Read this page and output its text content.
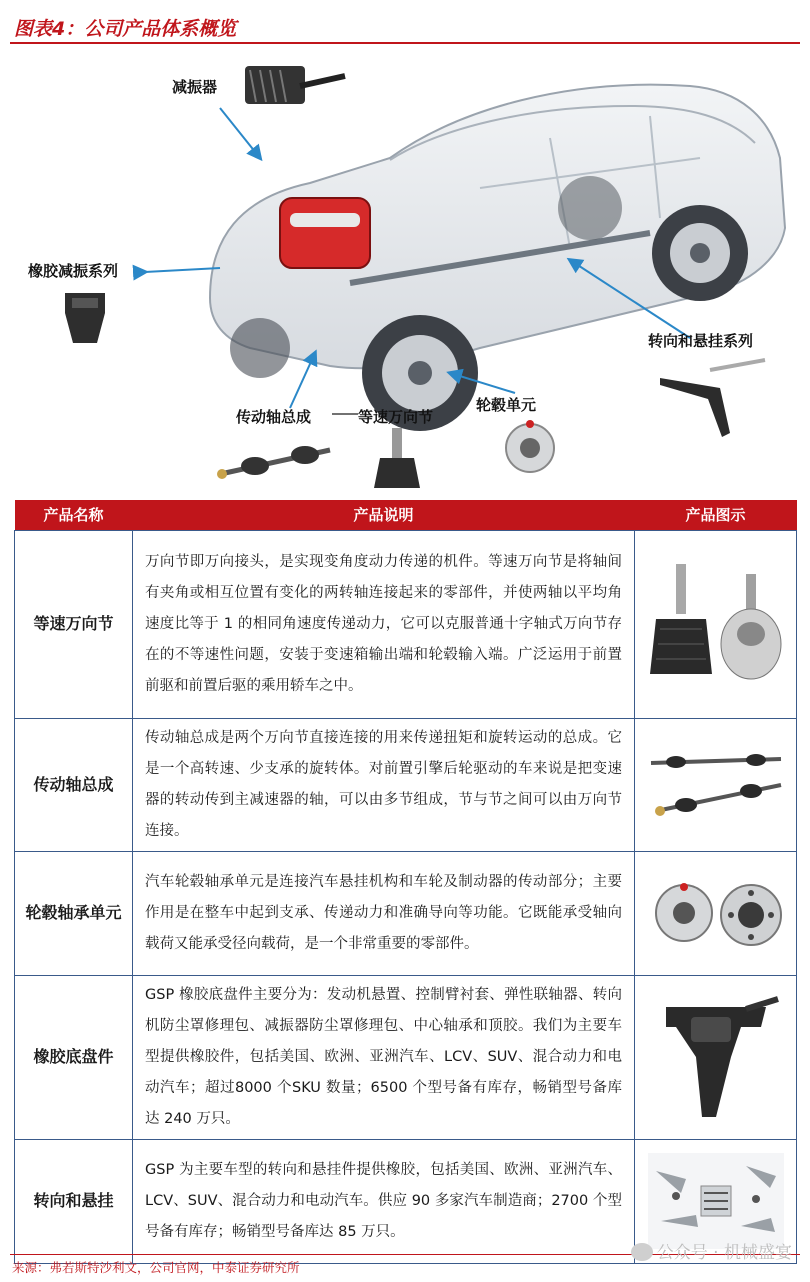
图表4：公司产品体系概览
减振器
橡胶减振系列
转向和悬挂系列
传动轴总成	等速万向节
轮毂单元
产品名称	产品说明	产品图示
等速万向节	万向节即万向接头，是实现变角度动力传递的机件。等速万向节是将轴间有夹角或相互位置有变化的两转轴连接起来的零部件，并使两轴以平均角速度比等于 1 的相同角速度传递动力，它可以克服普通十字轴式万向节存在的不等速性问题，安装于变速箱输出端和轮毂输入端。广泛运用于前置前驱和前置后驱的乘用轿车之中。	

传动轴总成	传动轴总成是两个万向节直接连接的用来传递扭矩和旋转运动的总成。它是一个高转速、少支承的旋转体。对前置引擎后轮驱动的车来说是把变速器的转动传到主减速器的轴，可以由多节组成，节与节之间可以由万向节连接。	

轮毂轴承单元	汽车轮毂轴承单元是连接汽车悬挂机构和车轮及制动器的传动部分；主要作用是在整车中起到支承、传递动力和准确导向等功能。它既能承受轴向载荷又能承受径向载荷，是一个非常重要的零部件。	

橡胶底盘件	GSP 橡胶底盘件主要分为：发动机悬置、控制臂衬套、弹性联轴器、转向机防尘罩修理包、减振器防尘罩修理包、中心轴承和顶胶。我们为主要车型提供橡胶件，包括美国、欧洲、亚洲汽车、LCV、SUV、混合动力和电动汽车；超过8000 个SKU 数量；6500 个型号备有库存，畅销型号备库达 240 万只。	

转向和悬挂	GSP 为主要车型的转向和悬挂件提供橡胶，包括美国、欧洲、亚洲汽车、LCV、SUV、混合动力和电动汽车。供应 90 多家汽车制造商；2700 个型号备有库存；畅销型号备库达 85 万只。	
公众号 · 机械盛宴
来源：弗若斯特沙利文，公司官网，中泰证券研究所
